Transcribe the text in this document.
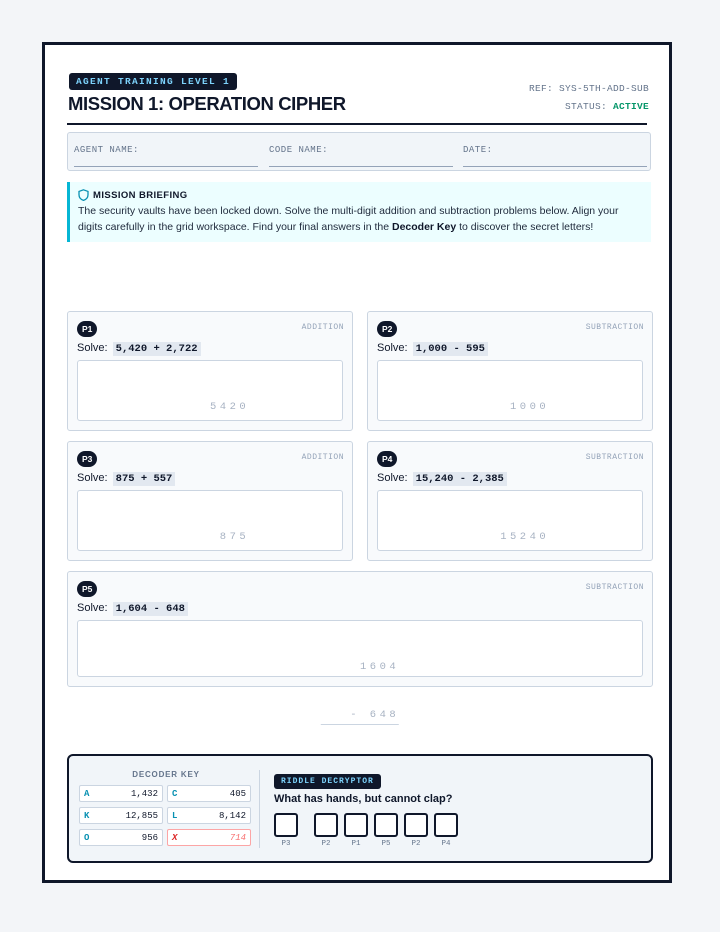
AGENT TRAINING LEVEL 1
MISSION 1: OPERATION CIPHER
REF: SYS-5TH-ADD-SUB
STATUS: ACTIVE
AGENT NAME:	CODE NAME:	DATE:
MISSION BRIEFING
The security vaults have been locked down. Solve the multi-digit addition and subtraction problems below. Align your digits carefully in the grid workspace. Find your final answers in the Decoder Key to discover the secret letters!
P1	ADDITION
Solve: 5,420 + 2,722

5420

P2	SUBTRACTION
Solve: 1,000 - 595

1000

P3	ADDITION
Solve: 875 + 557

875

P4	SUBTRACTION
Solve: 15,240 - 2,385

15240

P5	SUBTRACTION
Solve: 1,604 - 648

1604

- 648

DECODER KEY
A	1,432 C	405
K	12,855 L	8,142
O	956 X	714
RIDDLE DECRYPTOR
What has hands, but cannot clap?
P3	P2	P1	P5	P2	P4
